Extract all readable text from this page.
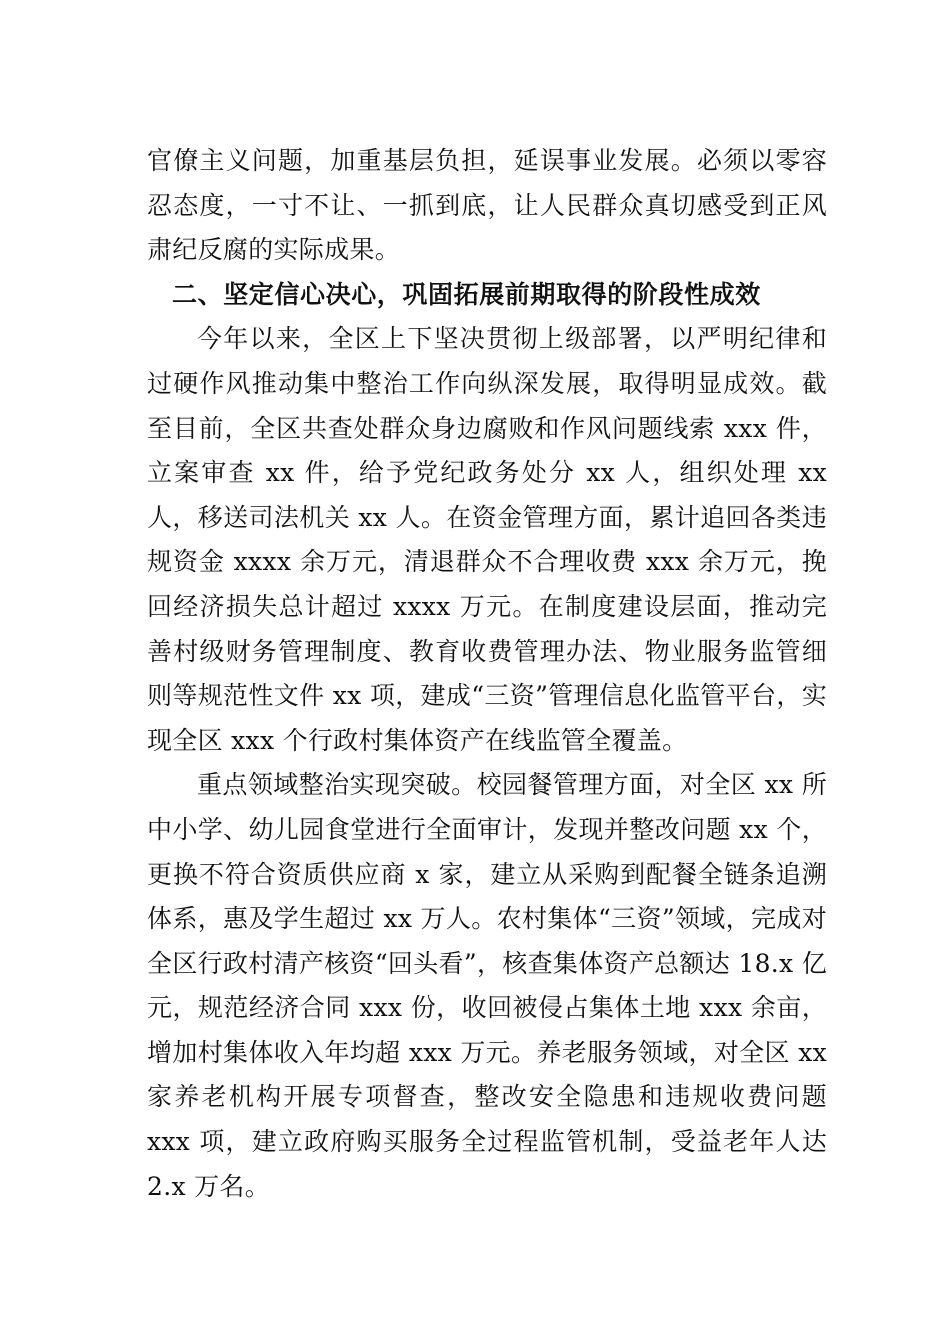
官僚主义问题，加重基层负担，延误事业发展。必须以零容忍态度，一寸不让、一抓到底，让人民群众真切感受到正风肃纪反腐的实际成果。

二、坚定信心决心，巩固拓展前期取得的阶段性成效

今年以来，全区上下坚决贯彻上级部署，以严明纪律和过硬作风推动集中整治工作向纵深发展，取得明显成效。截至目前，全区共查处群众身边腐败和作风问题线索 xxx 件，立案审查 xx 件，给予党纪政务处分 xx 人，组织处理 xx 人，移送司法机关 xx 人。在资金管理方面，累计追回各类违规资金 xxxx 余万元，清退群众不合理收费 xxx 余万元，挽回经济损失总计超过 xxxx 万元。在制度建设层面，推动完善村级财务管理制度、教育收费管理办法、物业服务监管细则等规范性文件 xx 项，建成“三资”管理信息化监管平台，实现全区 xxx 个行政村集体资产在线监管全覆盖。

重点领域整治实现突破。校园餐管理方面，对全区 xx 所中小学、幼儿园食堂进行全面审计，发现并整改问题 xx 个，更换不符合资质供应商 x 家，建立从采购到配餐全链条追溯体系，惠及学生超过 xx 万人。农村集体“三资”领域，完成对全区行政村清产核资“回头看”，核查集体资产总额达 18.x 亿元，规范经济合同 xxx 份，收回被侵占集体土地 xxx 余亩，增加村集体收入年均超 xxx 万元。养老服务领域，对全区 xx 家养老机构开展专项督查，整改安全隐患和违规收费问题 xxx 项，建立政府购买服务全过程监管机制，受益老年人达 2.x 万名。
